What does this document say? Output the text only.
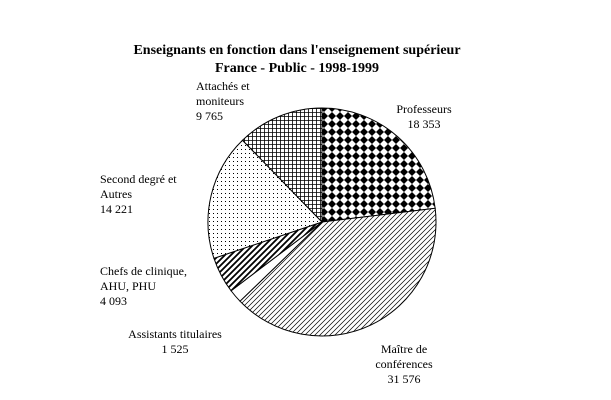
Enseignants en fonction dans l'enseignement supérieur
France - Public - 1998-1999
Professeurs
18 353
Maître de
conférences
31 576
Assistants titulaires
1 525
Chefs de clinique,
AHU, PHU
4 093
Second degré et
Autres
14 221
Attachés et
moniteurs
9 765
